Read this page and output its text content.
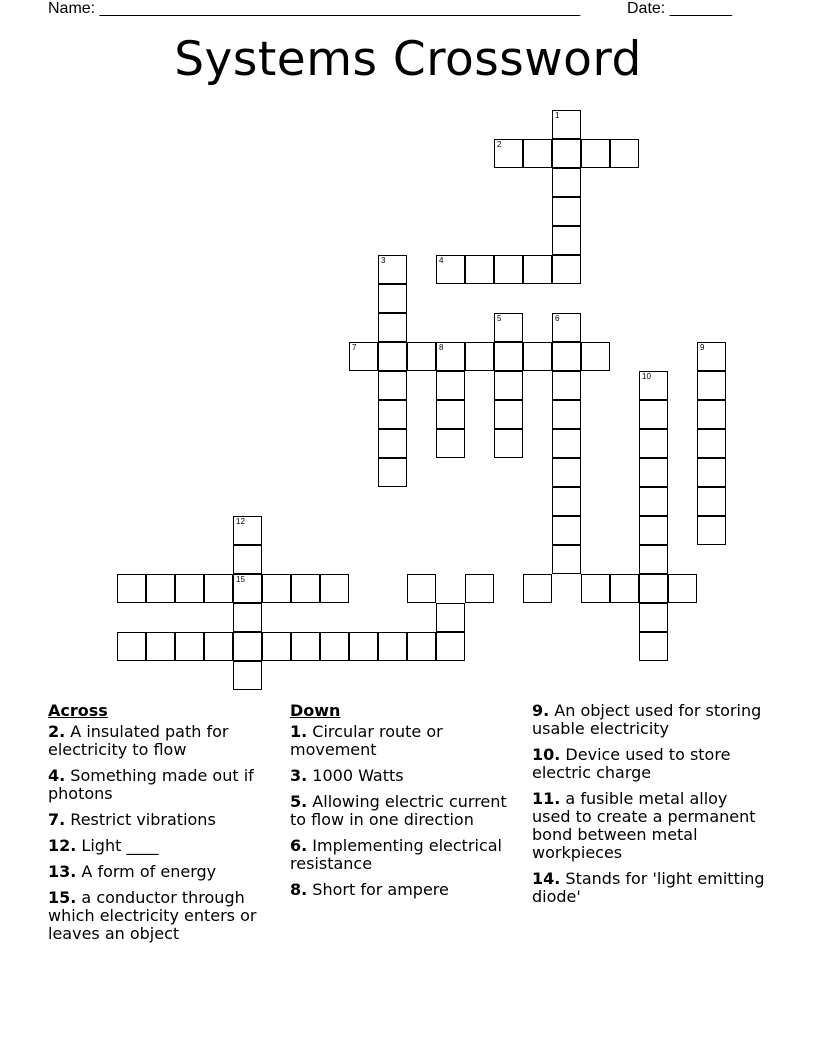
Name: ______________________________________________________	Date: _______
Systems Crossword
1
2
4
3
7	8
5	6
9
10
12
15
Across
2. A insulated path for electricity to flow
4. Something made out if photons
7. Restrict vibrations
12. Light ____
13. A form of energy
15. a conductor through which electricity enters or leaves an object
Down
1. Circular route or movement
3. 1000 Watts
5. Allowing electric current to flow in one direction
6. Implementing electrical resistance
8. Short for ampere
9. An object used for storing usable electricity
10. Device used to store electric charge
11. a fusible metal alloy used to create a permanent bond between metal workpieces
14. Stands for 'light emitting diode'
